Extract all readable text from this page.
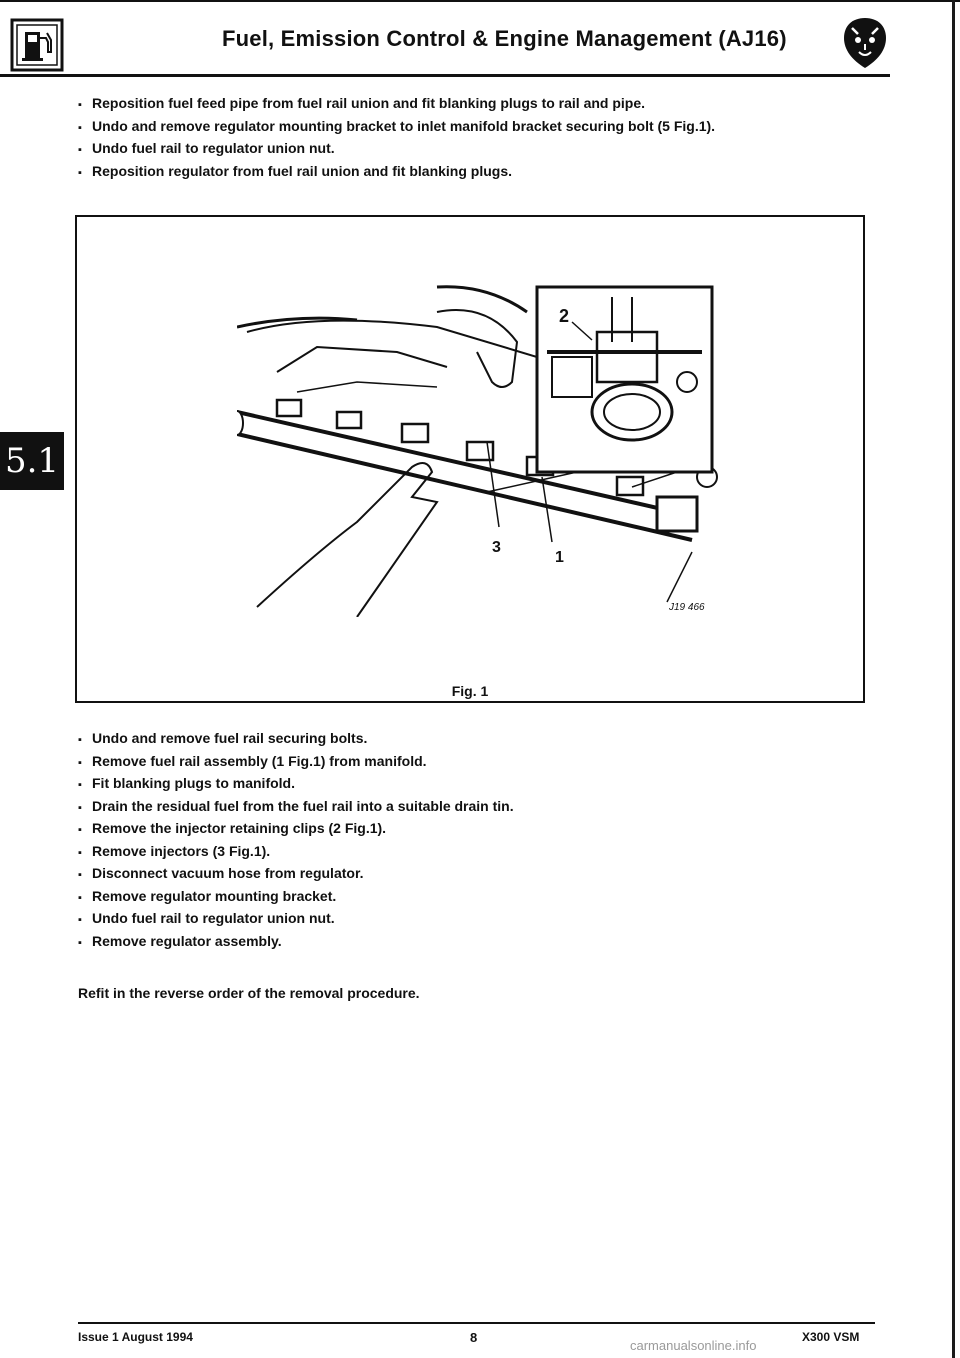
Fuel, Emission Control & Engine Management (AJ16)
5.1
▪ Reposition fuel feed pipe from fuel rail union and fit blanking plugs to rail and pipe.
▪ Undo and remove regulator mounting bracket to inlet manifold bracket securing bolt (5 Fig.1).
▪ Undo fuel rail to regulator union nut.
▪ Reposition regulator from fuel rail union and fit blanking plugs.
2
3
1
J19 466
Fig. 1
▪ Undo and remove fuel rail securing bolts.
▪ Remove fuel rail assembly (1 Fig.1) from manifold.
▪ Fit blanking plugs to manifold.
▪ Drain the residual fuel from the fuel rail into a suitable drain tin.
▪ Remove the injector retaining clips (2 Fig.1).
▪ Remove injectors (3 Fig.1).
▪ Disconnect vacuum hose from regulator.
▪ Remove regulator mounting bracket.
▪ Undo fuel rail to regulator union nut.
▪ Remove regulator assembly.
Refit in the reverse order of the removal procedure.
Issue 1 August 1994	8	X300 VSM
carmanualsonline.info
